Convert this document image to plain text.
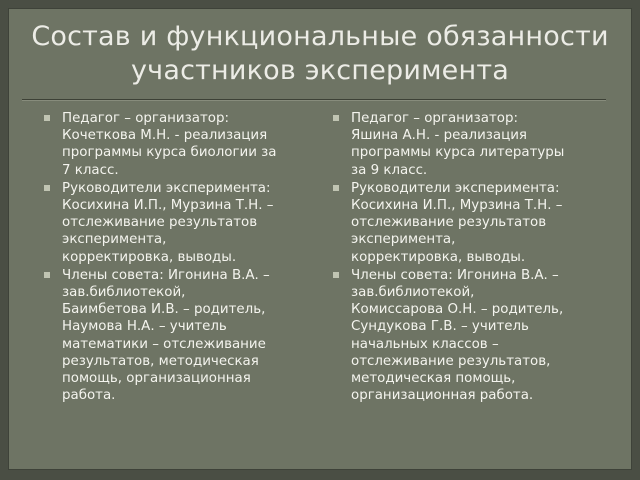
Состав и функциональные обязанности
участников эксперимента
Педагог – организатор:
Кочеткова М.Н. - реализация
программы курса биологии за
7 класс.
Руководители эксперимента:
Косихина И.П., Мурзина Т.Н. –
отслеживание результатов
эксперимента,
корректировка, выводы.
Члены совета: Игонина В.А. –
зав.библиотекой,
Баимбетова И.В. – родитель,
Наумова Н.А. – учитель
математики – отслеживание
результатов, методическая
помощь, организационная
работа.
Педагог – организатор:
Яшина А.Н. - реализация
программы курса литературы
за 9 класс.
Руководители эксперимента:
Косихина И.П., Мурзина Т.Н. –
отслеживание результатов
эксперимента,
корректировка, выводы.
Члены совета: Игонина В.А. –
зав.библиотекой,
Комиссарова О.Н. – родитель,
Сундукова Г.В. – учитель
начальных классов –
отслеживание результатов,
методическая помощь,
организационная работа.
